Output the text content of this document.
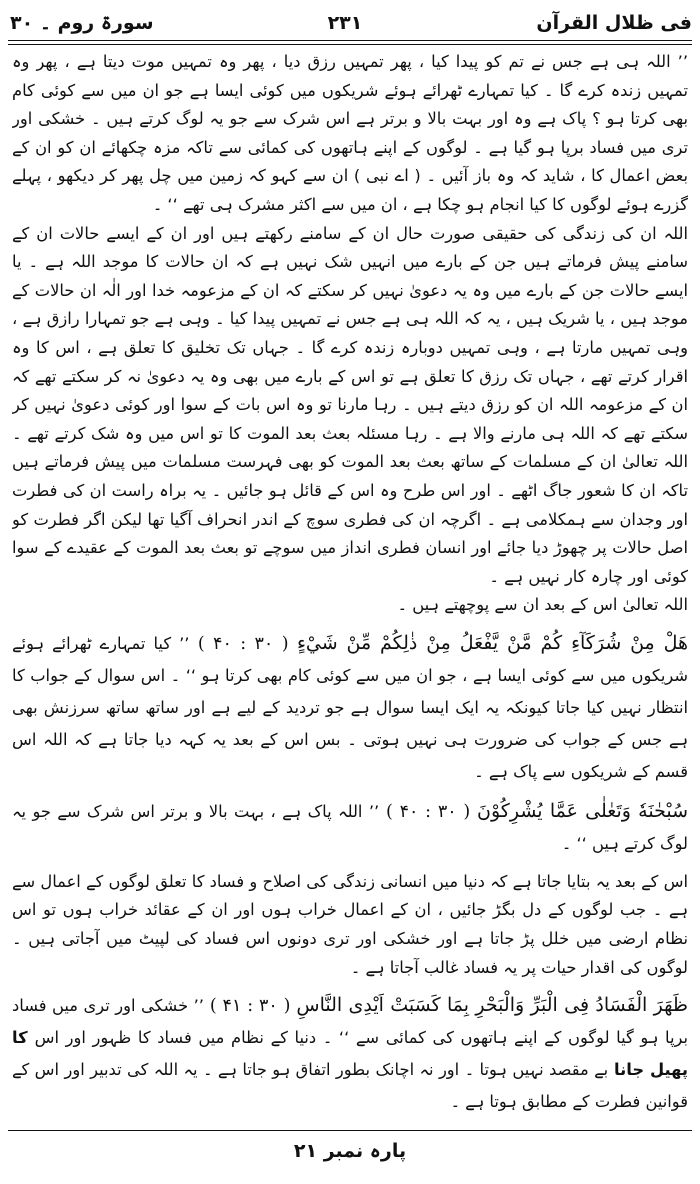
فی ظلال القرآن
۲۳۱
سورۃ روم ۔ ۳۰

’’ اللہ ہی ہے جس نے تم کو پیدا کیا ، پھر تمہیں رزق دیا ، پھر وہ تمہیں موت دیتا ہے ، پھر وہ تمہیں زندہ کرے گا ۔ کیا تمہارے ٹھرائے ہوئے شریکوں میں کوئی ایسا ہے جو ان میں سے کوئی کام بھی کرتا ہو ؟ پاک ہے وہ اور بہت بالا و برتر ہے اس شرک سے جو یہ لوگ کرتے ہیں ۔ خشکی اور تری میں فساد برپا ہو گیا ہے ۔ لوگوں کے اپنے ہاتھوں کی کمائی سے تاکہ مزہ چکھائے ان کو ان کے بعض اعمال کا ، شاید کہ وہ باز آئیں ۔ ( اے نبی ) ان سے کہو کہ زمین میں چل پھر کر دیکھو ، پہلے گزرے ہوئے لوگوں کا کیا انجام ہو چکا ہے ، ان میں سے اکثر مشرک ہی تھے ‘‘ ۔

اللہ ان کی زندگی کی حقیقی صورت حال ان کے سامنے رکھتے ہیں اور ان کے ایسے حالات ان کے سامنے پیش فرماتے ہیں جن کے بارے میں انہیں شک نہیں ہے کہ ان حالات کا موجد اللہ ہے ۔ یا ایسے حالات جن کے بارے میں وہ یہ دعویٰ نہیں کر سکتے کہ ان کے مزعومہ خدا اور الٰہ ان حالات کے موجد ہیں ، یا شریک ہیں ، یہ کہ اللہ ہی ہے جس نے تمہیں پیدا کیا ۔ وہی ہے جو تمہارا رازق ہے ، وہی تمہیں مارتا ہے ، وہی تمہیں دوبارہ زندہ کرے گا ۔ جہاں تک تخلیق کا تعلق ہے ، اس کا وہ اقرار کرتے تھے ، جہاں تک رزق کا تعلق ہے تو اس کے بارے میں بھی وہ یہ دعویٰ نہ کر سکتے تھے کہ ان کے مزعومہ اللہ ان کو رزق دیتے ہیں ۔ رہا مارنا تو وہ اس بات کے سوا اور کوئی دعویٰ نہیں کر سکتے تھے کہ اللہ ہی مارنے والا ہے ۔ رہا مسئلہ بعث بعد الموت کا تو اس میں وہ شک کرتے تھے ۔ اللہ تعالیٰ ان کے مسلمات کے ساتھ بعث بعد الموت کو بھی فہرست مسلمات میں پیش فرماتے ہیں تاکہ ان کا شعور جاگ اٹھے ۔ اور اس طرح وہ اس کے قائل ہو جائیں ۔ یہ براہ راست ان کی فطرت اور وجدان سے ہمکلامی ہے ۔ اگرچہ ان کی فطری سوچ کے اندر انحراف آگیا تھا لیکن اگر فطرت کو اصل حالات پر چھوڑ دیا جائے اور انسان فطری انداز میں سوچے تو بعث بعد الموت کے عقیدے کے سوا کوئی اور چارہ کار نہیں ہے ۔

اللہ تعالیٰ اس کے بعد ان سے پوچھتے ہیں ۔

هَلْ مِنْ شُرَكَآءِ كُمْ مَّنْ يَّفْعَلُ مِنْ ذٰلِكُمْ مِّنْ شَيْءٍ ( ۳۰ : ۴۰ ) ’’ کیا تمہارے ٹھرائے ہوئے شریکوں میں سے کوئی ایسا ہے ، جو ان میں سے کوئی کام بھی کرتا ہو ‘‘ ۔ اس سوال کے جواب کا انتظار نہیں کیا جاتا کیونکہ یہ ایک ایسا سوال ہے جو تردید کے لیے ہے اور ساتھ ساتھ سرزنش بھی ہے جس کے جواب کی ضرورت ہی نہیں ہوتی ۔ بس اس کے بعد یہ کہہ دیا جاتا ہے کہ اللہ اس قسم کے شریکوں سے پاک ہے ۔

سُبْحٰنَهٗ وَتَعٰلٰى عَمَّا يُشْرِكُوْنَ ( ۳۰ : ۴۰ ) ’’ اللہ پاک ہے ، بہت بالا و برتر اس شرک سے جو یہ لوگ کرتے ہیں ‘‘ ۔

اس کے بعد یہ بتایا جاتا ہے کہ دنیا میں انسانی زندگی کی اصلاح و فساد کا تعلق لوگوں کے اعمال سے ہے ۔ جب لوگوں کے دل بگڑ جائیں ، ان کے اعمال خراب ہوں اور ان کے عقائد خراب ہوں تو اس نظام ارضی میں خلل پڑ جاتا ہے اور خشکی اور تری دونوں اس فساد کی لپیٹ میں آجاتی ہیں ۔ لوگوں کی اقدار حیات پر یہ فساد غالب آجاتا ہے ۔

ظَهَرَ الْفَسَادُ فِى الْبَرِّ وَالْبَحْرِ بِمَا كَسَبَتْ اَيْدِى النَّاسِ ( ۳۰ : ۴۱ ) ’’ خشکی اور تری میں فساد برپا ہو گیا لوگوں کے اپنے ہاتھوں کی کمائی سے ‘‘ ۔ دنیا کے نظام میں فساد کا ظہور اور اس کا پھیل جانا بے مقصد نہیں ہوتا ۔ اور نہ اچانک بطور اتفاق ہو جاتا ہے ۔ یہ اللہ کی تدبیر اور اس کے قوانین فطرت کے مطابق ہوتا ہے ۔

پارہ نمبر ۲۱
